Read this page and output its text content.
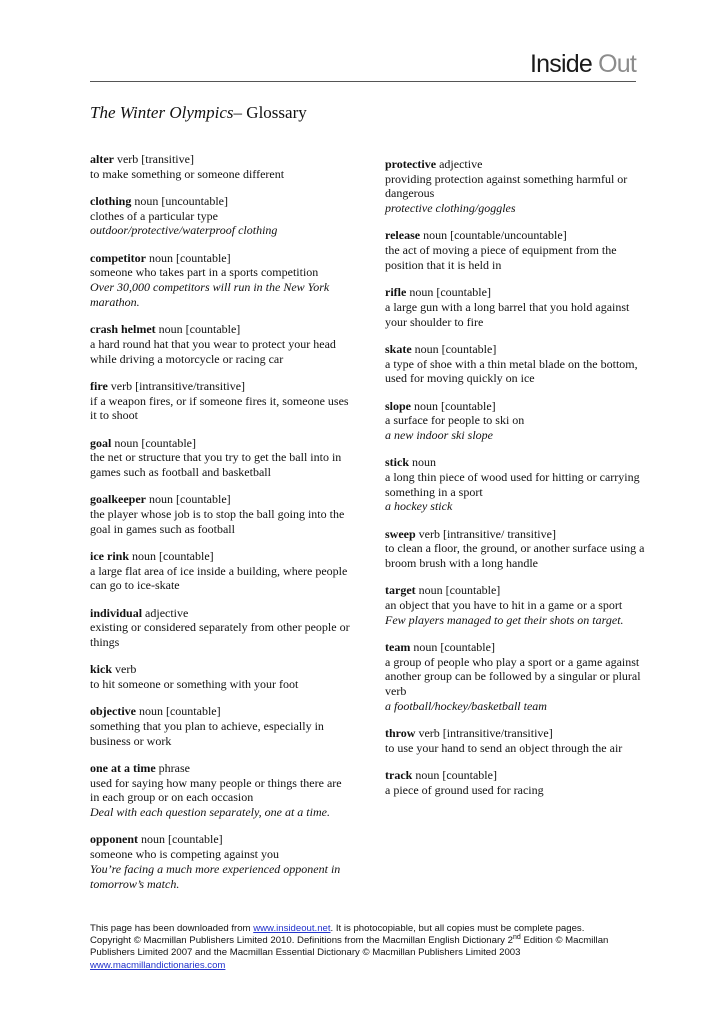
Inside Out
The Winter Olympics– Glossary
alter verb [transitive]
to make something or someone different
clothing noun [uncountable]
clothes of a particular type
outdoor/protective/waterproof clothing
competitor noun [countable]
someone who takes part in a sports competition
Over 30,000 competitors will run in the New York marathon.
crash helmet noun [countable]
a hard round hat that you wear to protect your head while driving a motorcycle or racing car
fire verb [intransitive/transitive]
if a weapon fires, or if someone fires it, someone uses it to shoot
goal noun [countable]
the net or structure that you try to get the ball into in games such as football and basketball
goalkeeper noun [countable]
the player whose job is to stop the ball going into the goal in games such as football
ice rink noun [countable]
a large flat area of ice inside a building, where people can go to ice-skate
individual adjective
existing or considered separately from other people or things
kick verb
to hit someone or something with your foot
objective noun [countable]
something that you plan to achieve, especially in business or work
one at a time phrase
used for saying how many people or things there are in each group or on each occasion
Deal with each question separately, one at a time.
opponent noun [countable]
someone who is competing against you
You’re facing a much more experienced opponent in tomorrow’s match.
protective adjective
providing protection against something harmful or dangerous
protective clothing/goggles
release noun [countable/uncountable]
the act of moving a piece of equipment from the position that it is held in
rifle noun [countable]
a large gun with a long barrel that you hold against your shoulder to fire
skate noun [countable]
a type of shoe with a thin metal blade on the bottom, used for moving quickly on ice
slope noun [countable]
a surface for people to ski on
a new indoor ski slope
stick noun
a long thin piece of wood used for hitting or carrying something in a sport
a hockey stick
sweep verb [intransitive/ transitive]
to clean a floor, the ground, or another surface using a broom brush with a long handle
target noun [countable]
an object that you have to hit in a game or a sport
Few players managed to get their shots on target.
team noun [countable]
a group of people who play a sport or a game against another group can be followed by a singular or plural verb
a football/hockey/basketball team
throw verb [intransitive/transitive]
to use your hand to send an object through the air
track noun [countable]
a piece of ground used for racing
This page has been downloaded from www.insideout.net. It is photocopiable, but all copies must be complete pages.
Copyright © Macmillan Publishers Limited 2010. Definitions from the Macmillan English Dictionary 2nd Edition © Macmillan Publishers Limited 2007 and the Macmillan Essential Dictionary © Macmillan Publishers Limited 2003
www.macmillandictionaries.com
